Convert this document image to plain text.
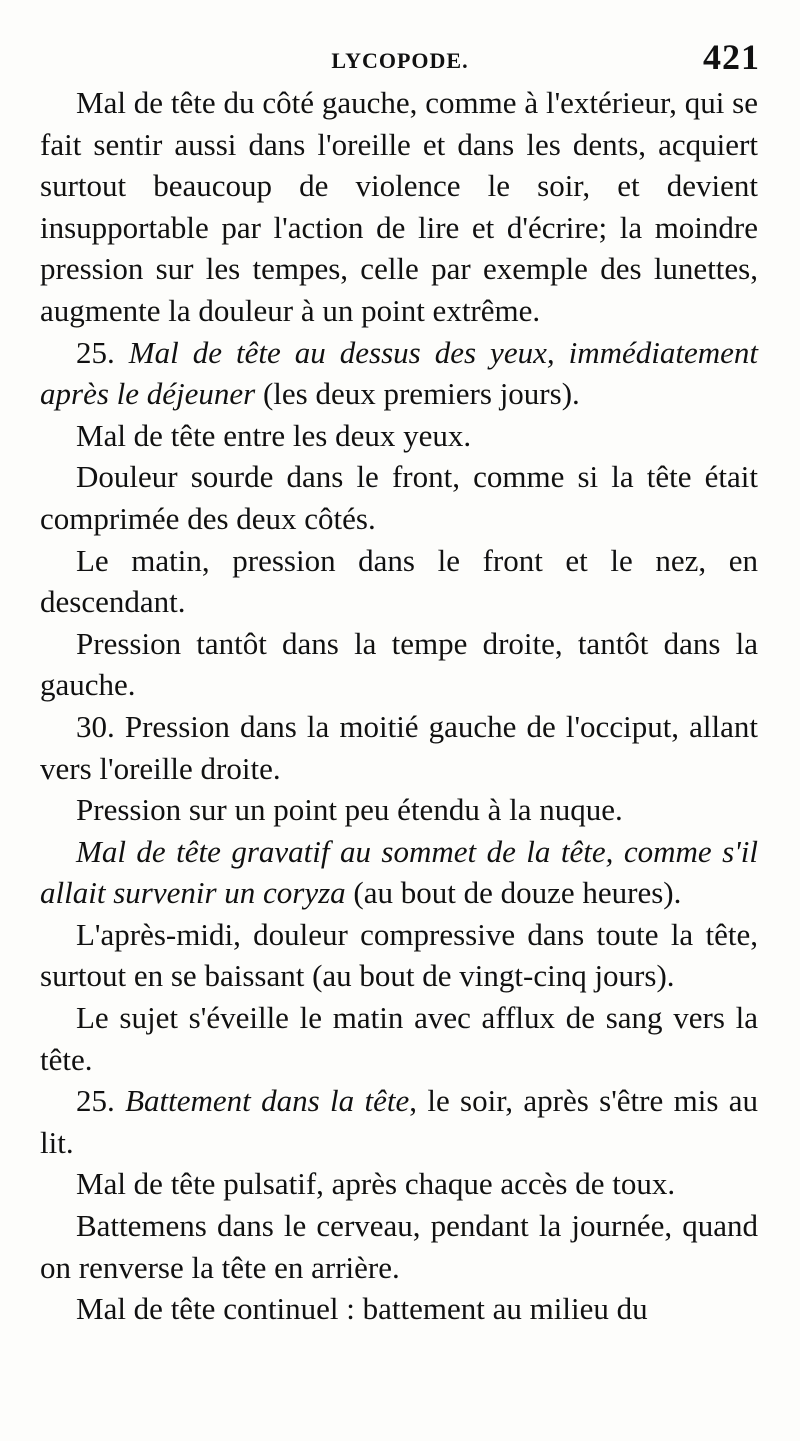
LYCOPODE.	421

Mal de tête du côté gauche, comme à l'extérieur, qui se fait sentir aussi dans l'oreille et dans les dents, acquiert surtout beaucoup de violence le soir, et devient insupportable par l'action de lire et d'écrire; la moindre pression sur les tempes, celle par exemple des lunettes, augmente la douleur à un point extrême.

25. Mal de tête au dessus des yeux, immédiatement après le déjeuner (les deux premiers jours).

Mal de tête entre les deux yeux.

Douleur sourde dans le front, comme si la tête était comprimée des deux côtés.

Le matin, pression dans le front et le nez, en descendant.

Pression tantôt dans la tempe droite, tantôt dans la gauche.

30. Pression dans la moitié gauche de l'occiput, allant vers l'oreille droite.

Pression sur un point peu étendu à la nuque.

Mal de tête gravatif au sommet de la tête, comme s'il allait survenir un coryza (au bout de douze heures).

L'après-midi, douleur compressive dans toute la tête, surtout en se baissant (au bout de vingt-cinq jours).

Le sujet s'éveille le matin avec afflux de sang vers la tête.

25. Battement dans la tête, le soir, après s'être mis au lit.

Mal de tête pulsatif, après chaque accès de toux.

Battemens dans le cerveau, pendant la journée, quand on renverse la tête en arrière.

Mal de tête continuel : battement au milieu du
